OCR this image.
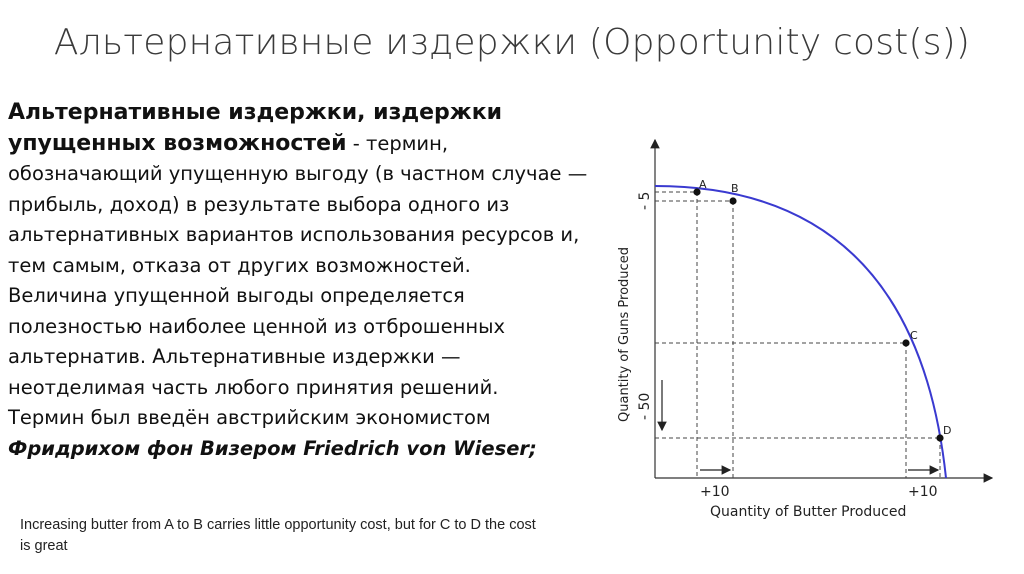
Альтернативные издержки (Opportunity cost(s))
Альтернативные издержки, издержки упущенных возможностей - термин, обозначающий упущенную выгоду (в частном случае — прибыль, доход) в результате выбора одного из альтернативных вариантов использования ресурсов и, тем самым, отказа от других возможностей.
Величина упущенной выгоды определяется полезностью наиболее ценной из отброшенных альтернатив. Альтернативные издержки — неотделимая часть любого принятия решений.
Термин был введён австрийским экономистом
Фридрихом фон Визером Friedrich von Wieser;
Increasing butter from A to B carries little opportunity cost, but for C to D the cost is great
A B
C
D
+10	+10
Quantity of Butter Produced
- 5
- 50
Quantity of Guns Produced
